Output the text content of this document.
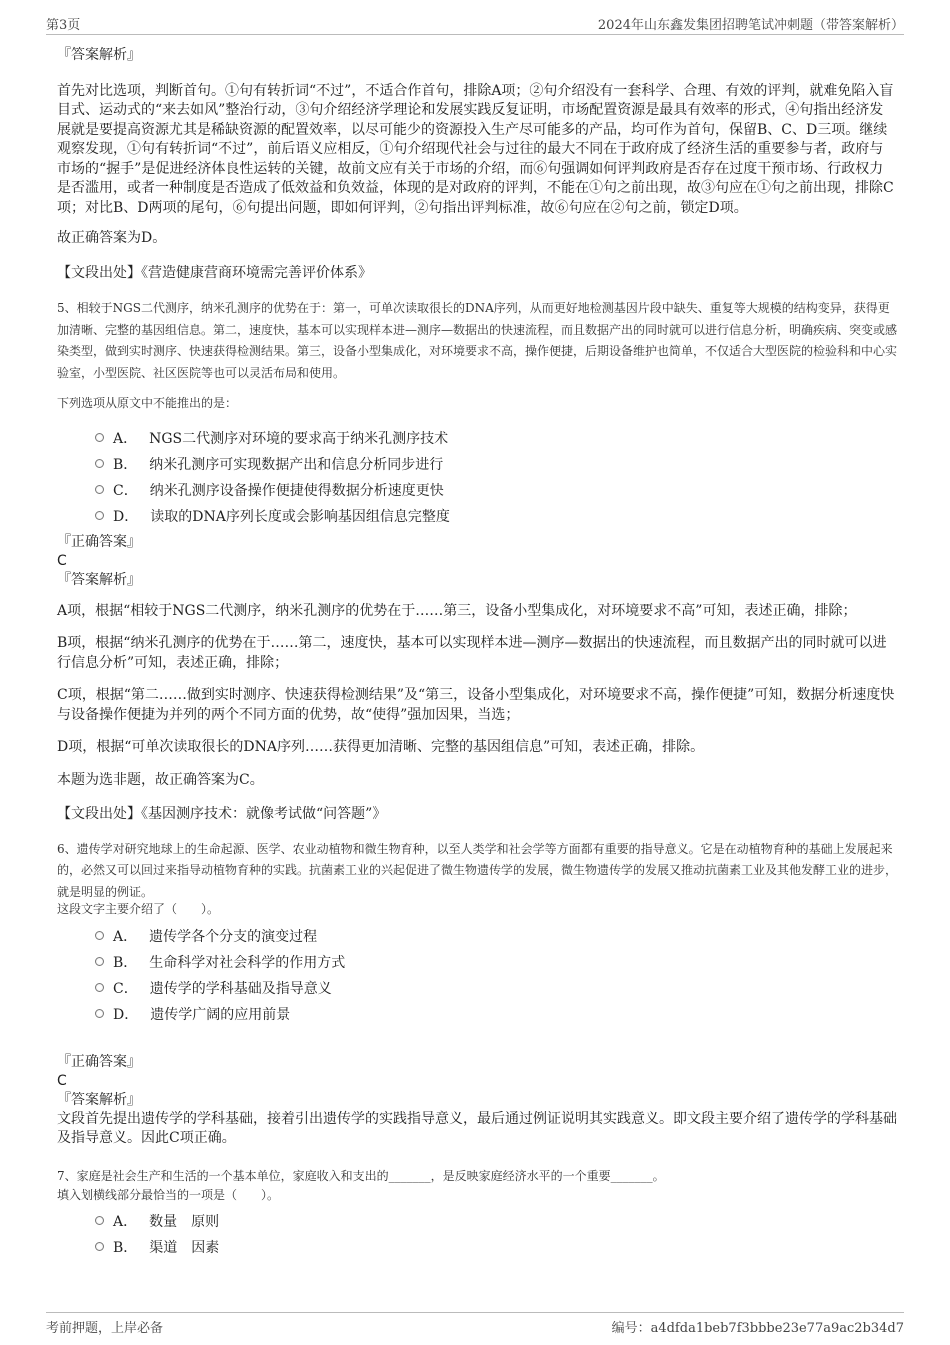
第3页	2024年山东鑫发集团招聘笔试冲刺题（带答案解析）

『答案解析』

首先对比选项，判断首句。①句有转折词“不过”，不适合作首句，排除A项；②句介绍没有一套科学、合理、有效的评判，就难免陷入盲目式、运动式的“来去如风”整治行动，③句介绍经济学理论和发展实践反复证明，市场配置资源是最具有效率的形式，④句指出经济发展就是要提高资源尤其是稀缺资源的配置效率，以尽可能少的资源投入生产尽可能多的产品，均可作为首句，保留B、C、D三项。继续观察发现，①句有转折词“不过”，前后语义应相反，①句介绍现代社会与过往的最大不同在于政府成了经济生活的重要参与者，政府与市场的“握手”是促进经济体良性运转的关键，故前文应有关于市场的介绍，而⑥句强调如何评判政府是否存在过度干预市场、行政权力是否滥用，或者一种制度是否造成了低效益和负效益，体现的是对政府的评判，不能在①句之前出现，故③句应在①句之前出现，排除C项；对比B、D两项的尾句，⑥句提出问题，即如何评判，②句指出评判标准，故⑥句应在②句之前，锁定D项。

故正确答案为D。

【文段出处】《营造健康营商环境需完善评价体系》

5、相较于NGS二代测序，纳米孔测序的优势在于：第一，可单次读取很长的DNA序列，从而更好地检测基因片段中缺失、重复等大规模的结构变异，获得更加清晰、完整的基因组信息。第二，速度快，基本可以实现样本进—测序—数据出的快速流程，而且数据产出的同时就可以进行信息分析，明确疾病、突变或感染类型，做到实时测序、快速获得检测结果。第三，设备小型集成化，对环境要求不高，操作便捷，后期设备维护也简单，不仅适合大型医院的检验科和中心实验室，小型医院、社区医院等也可以灵活布局和使用。

下列选项从原文中不能推出的是：

A． NGS二代测序对环境的要求高于纳米孔测序技术
B． 纳米孔测序可实现数据产出和信息分析同步进行
C． 纳米孔测序设备操作便捷使得数据分析速度更快
D． 读取的DNA序列长度或会影响基因组信息完整度

『正确答案』

C

『答案解析』

A项，根据“相较于NGS二代测序，纳米孔测序的优势在于……第三，设备小型集成化，对环境要求不高”可知，表述正确，排除；

B项，根据“纳米孔测序的优势在于……第二，速度快，基本可以实现样本进—测序—数据出的快速流程，而且数据产出的同时就可以进行信息分析”可知，表述正确，排除；

C项，根据“第二……做到实时测序、快速获得检测结果”及“第三，设备小型集成化，对环境要求不高，操作便捷”可知，数据分析速度快与设备操作便捷为并列的两个不同方面的优势，故“使得”强加因果，当选；

D项，根据“可单次读取很长的DNA序列……获得更加清晰、完整的基因组信息”可知，表述正确，排除。

本题为选非题，故正确答案为C。

【文段出处】《基因测序技术：就像考试做“问答题”》

6、遗传学对研究地球上的生命起源、医学、农业动植物和微生物育种，以至人类学和社会学等方面都有重要的指导意义。它是在动植物育种的基础上发展起来的，必然又可以回过来指导动植物育种的实践。抗菌素工业的兴起促进了微生物遗传学的发展，微生物遗传学的发展又推动抗菌素工业及其他发酵工业的进步，就是明显的例证。

这段文字主要介绍了（　　）。

A． 遗传学各个分支的演变过程
B． 生命科学对社会科学的作用方式
C． 遗传学的学科基础及指导意义
D． 遗传学广阔的应用前景

『正确答案』

C

『答案解析』

文段首先提出遗传学的学科基础，接着引出遗传学的实践指导意义，最后通过例证说明其实践意义。即文段主要介绍了遗传学的学科基础及指导意义。因此C项正确。

7、家庭是社会生产和生活的一个基本单位，家庭收入和支出的_______，是反映家庭经济水平的一个重要_______。

填入划横线部分最恰当的一项是（　　）。

A． 数量　原则
B． 渠道　因素
考前押题，上岸必备	编号：a4dfda1beb7f3bbbe23e77a9ac2b34d7
